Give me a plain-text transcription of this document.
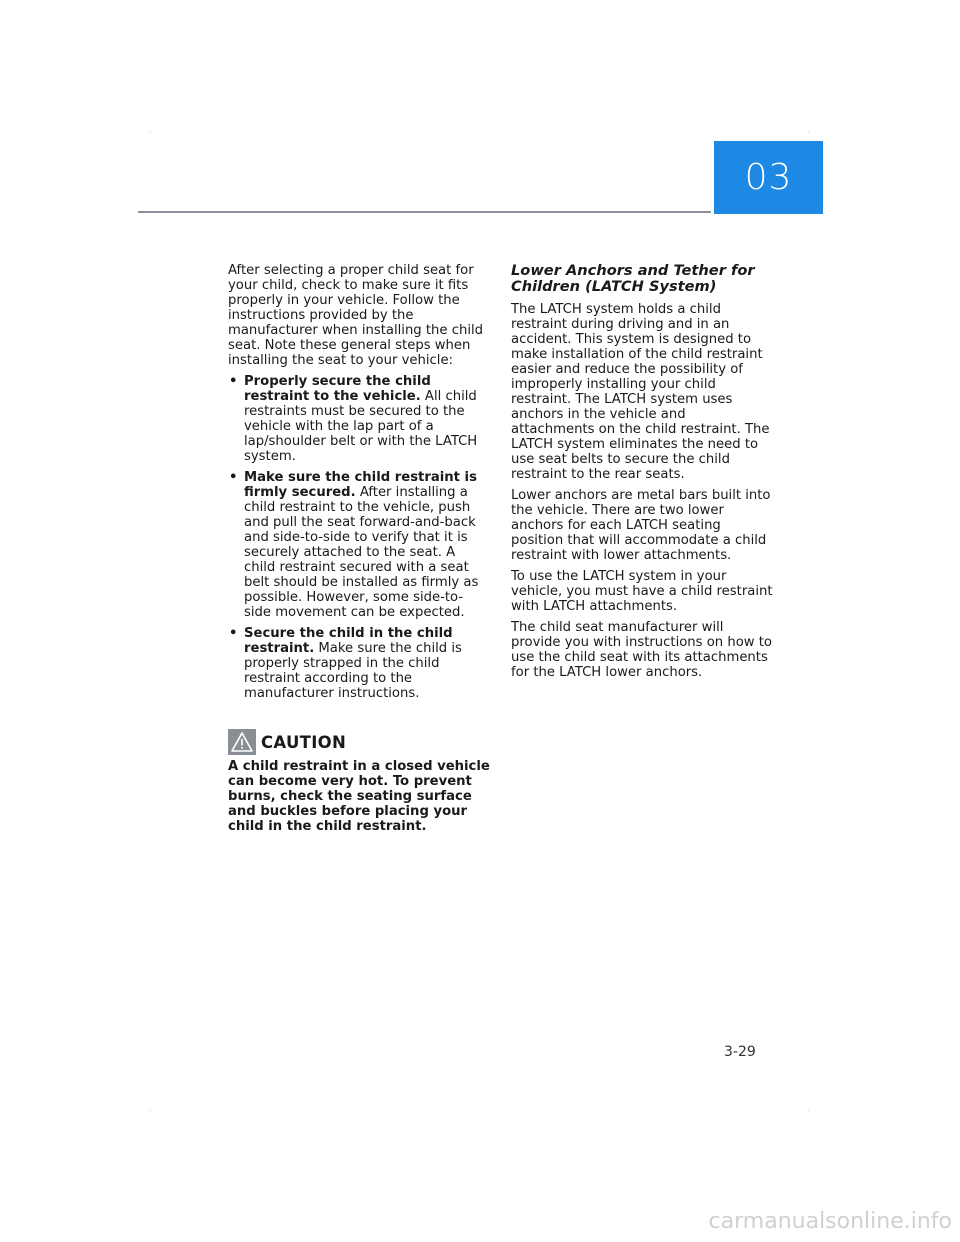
03

After selecting a proper child seat for your child, check to make sure it fits properly in your vehicle. Follow the instructions provided by the manufacturer when installing the child seat. Note these general steps when installing the seat to your vehicle:

• Properly secure the child restraint to the vehicle. All child restraints must be secured to the vehicle with the lap part of a lap/shoulder belt or with the LATCH system.
• Make sure the child restraint is firmly secured. After installing a child restraint to the vehicle, push and pull the seat forward-and-back and side-to-side to verify that it is securely attached to the seat. A child restraint secured with a seat belt should be installed as firmly as possible. However, some side-to-side movement can be expected.
• Secure the child in the child restraint. Make sure the child is properly strapped in the child restraint according to the manufacturer instructions.
CAUTION
A child restraint in a closed vehicle can become very hot. To prevent burns, check the seating surface and buckles before placing your child in the child restraint.
Lower Anchors and Tether for Children (LATCH System)

The LATCH system holds a child restraint during driving and in an accident. This system is designed to make installation of the child restraint easier and reduce the possibility of improperly installing your child restraint. The LATCH system uses anchors in the vehicle and attachments on the child restraint. The LATCH system eliminates the need to use seat belts to secure the child restraint to the rear seats.

Lower anchors are metal bars built into the vehicle. There are two lower anchors for each LATCH seating position that will accommodate a child restraint with lower attachments.

To use the LATCH system in your vehicle, you must have a child restraint with LATCH attachments.

The child seat manufacturer will provide you with instructions on how to use the child seat with its attachments for the LATCH lower anchors.

3-29
carmanualsonline.info
